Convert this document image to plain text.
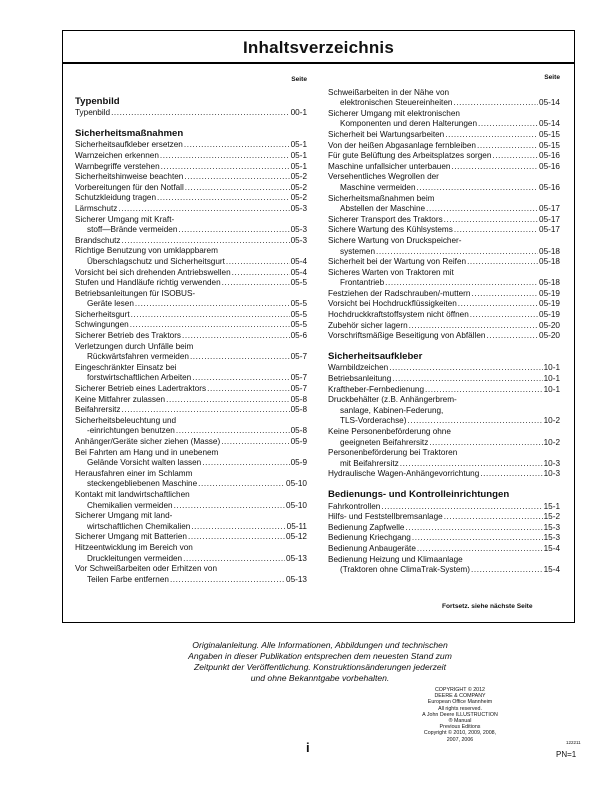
Inhaltsverzeichnis
Seite
Typenbild
Typenbild .....	00-1
Sicherheitsmaßnahmen
Sicherheitsaufkleber ersetzen .....	05-1
Warnzeichen erkennen .....	05-1
Warnbegriffe verstehen .....	05-1
Sicherheitshinweise beachten .....	05-2
Vorbereitungen für den Notfall .....	05-2
Schutzkleidung tragen .....	05-2
Lärmschutz .....	05-3
Sicherer Umgang mit Kraft-
stoff—Brände vermeiden .....	05-3
Brandschutz .....	05-3
Richtige Benutzung von umklappbarem
Überschlagschutz und Sicherheitsgurt .....	05-4
Vorsicht bei sich drehenden Antriebswellen .....	05-4
Stufen und Handläufe richtig verwenden .....	05-5
Betriebsanleitungen für ISOBUS-
Geräte lesen .....	05-5
Sicherheitsgurt .....	05-5
Schwingungen .....	05-5
Sicherer Betrieb des Traktors .....	05-6
Verletzungen durch Unfälle beim
Rückwärtsfahren vermeiden .....	05-7
Eingeschränkter Einsatz bei
forstwirtschaftlichen Arbeiten .....	05-7
Sicherer Betrieb eines Ladertraktors .....	05-7
Keine Mitfahrer zulassen .....	05-8
Beifahrersitz .....	05-8
Sicherheitsbeleuchtung und
-einrichtungen benutzen .....	05-8
Anhänger/Geräte sicher ziehen (Masse) .....	05-9
Bei Fahrten am Hang und in unebenem
Gelände Vorsicht walten lassen .....	05-9
Herausfahren einer im Schlamm
steckengebliebenen Maschine .....	05-10
Kontakt mit landwirtschaftlichen
Chemikalien vermeiden .....	05-10
Sicherer Umgang mit land-
wirtschaftlichen Chemikalien .....	05-11
Sicherer Umgang mit Batterien .....	05-12
Hitzeentwicklung im Bereich von
Druckleitungen vermeiden .....	05-13
Vor Schweißarbeiten oder Erhitzen von
Teilen Farbe entfernen .....	05-13
Seite
Schweißarbeiten in der Nähe von
elektronischen Steuereinheiten .....	05-14
Sicherer Umgang mit elektronischen
Komponenten und deren Halterungen .....	05-14
Sicherheit bei Wartungsarbeiten .....	05-15
Von der heißen Abgasanlage fernbleiben .....	05-15
Für gute Belüftung des Arbeitsplatzes sorgen .....	05-16
Maschine unfallsicher unterbauen .....	05-16
Versehentliches Wegrollen der
Maschine vermeiden .....	05-16
Sicherheitsmaßnahmen beim
Abstellen der Maschine .....	05-17
Sicherer Transport des Traktors .....	05-17
Sichere Wartung des Kühlsystems .....	05-17
Sichere Wartung von Druckspeicher-
systemen .....	05-18
Sicherheit bei der Wartung von Reifen .....	05-18
Sicheres Warten von Traktoren mit
Frontantrieb .....	05-18
Festziehen der Radschrauben/-muttern .....	05-19
Vorsicht bei Hochdruckflüssigkeiten .....	05-19
Hochdruckkraftstoffsystem nicht öffnen .....	05-19
Zubehör sicher lagern .....	05-20
Vorschriftsmäßige Beseitigung von Abfällen .....	05-20
Sicherheitsaufkleber
Warnbildzeichen .....	10-1
Betriebsanleitung .....	10-1
Kraftheber-Fernbedienung .....	10-1
Druckbehälter (z.B. Anhängerbrem-
sanlage, Kabinen-Federung,
TLS-Vorderachse) .....	10-2
Keine Personenbeförderung ohne
geeigneten Beifahrersitz .....	10-2
Personenbeförderung bei Traktoren
mit Beifahrersitz .....	10-3
Hydraulische Wagen-Anhängevorrichtung .....	10-3
Bedienungs- und Kontrolleinrichtungen
Fahrkontrollen .....	15-1
Hilfs- und Feststellbremsanlage .....	15-2
Bedienung Zapfwelle .....	15-3
Bedienung Kriechgang .....	15-3
Bedienung Anbaugeräte .....	15-4
Bedienung Heizung und Klimaanlage
(Traktoren ohne ClimaTrak-System) .....	15-4
Fortsetz. siehe nächste Seite
Originalanleitung. Alle Informationen, Abbildungen und technischen
Angaben in dieser Publikation entsprechen dem neuesten Stand zum
Zeitpunkt der Veröffentlichung. Konstruktionsänderungen jederzeit
und ohne Bekanntgabe vorbehalten.
COPYRIGHT © 2012
DEERE & COMPANY
European Office Mannheim
All rights reserved.
A John Deere ILLUSTRUCTION ® Manual
Previous Editions
Copyright © 2010, 2009, 2008, 2007, 2006
i	122211
PN=1
